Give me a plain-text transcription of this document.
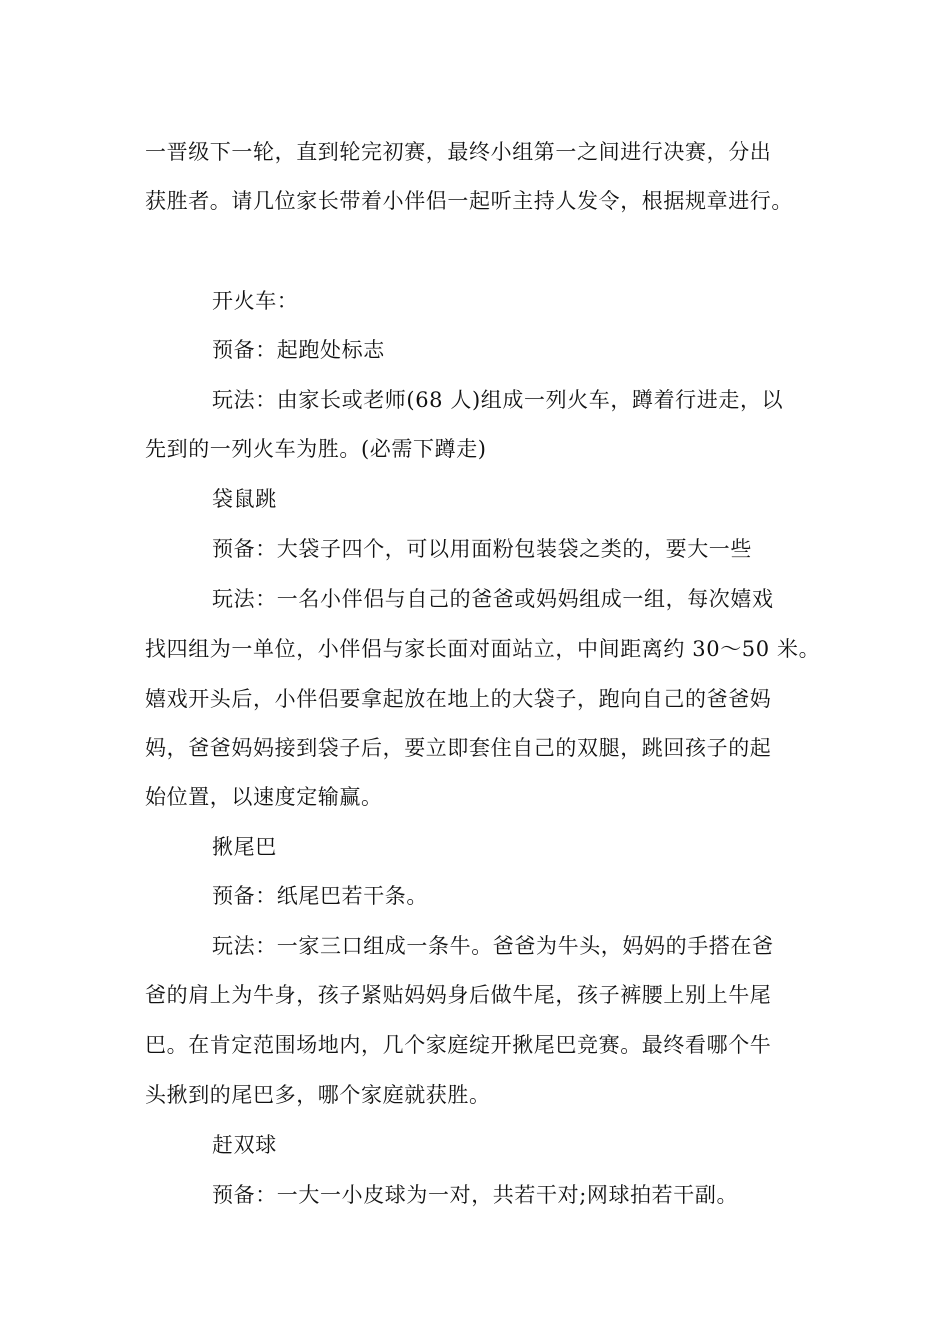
一晋级下一轮，直到轮完初赛，最终小组第一之间进行决赛，分出
获胜者。请几位家长带着小伴侣一起听主持人发令，根据规章进行。
开火车：
预备：起跑处标志
玩法：由家长或老师(68 人)组成一列火车，蹲着行进走，以
先到的一列火车为胜。(必需下蹲走)
袋鼠跳
预备：大袋子四个，可以用面粉包装袋之类的，要大一些
玩法：一名小伴侣与自己的爸爸或妈妈组成一组，每次嬉戏
找四组为一单位，小伴侣与家长面对面站立，中间距离约 30～50 米。
嬉戏开头后，小伴侣要拿起放在地上的大袋子，跑向自己的爸爸妈
妈，爸爸妈妈接到袋子后，要立即套住自己的双腿，跳回孩子的起
始位置，以速度定输赢。
揪尾巴
预备：纸尾巴若干条。
玩法：一家三口组成一条牛。爸爸为牛头，妈妈的手搭在爸
爸的肩上为牛身，孩子紧贴妈妈身后做牛尾，孩子裤腰上别上牛尾
巴。在肯定范围场地内，几个家庭绽开揪尾巴竞赛。最终看哪个牛
头揪到的尾巴多，哪个家庭就获胜。
赶双球
预备：一大一小皮球为一对，共若干对;网球拍若干副。
